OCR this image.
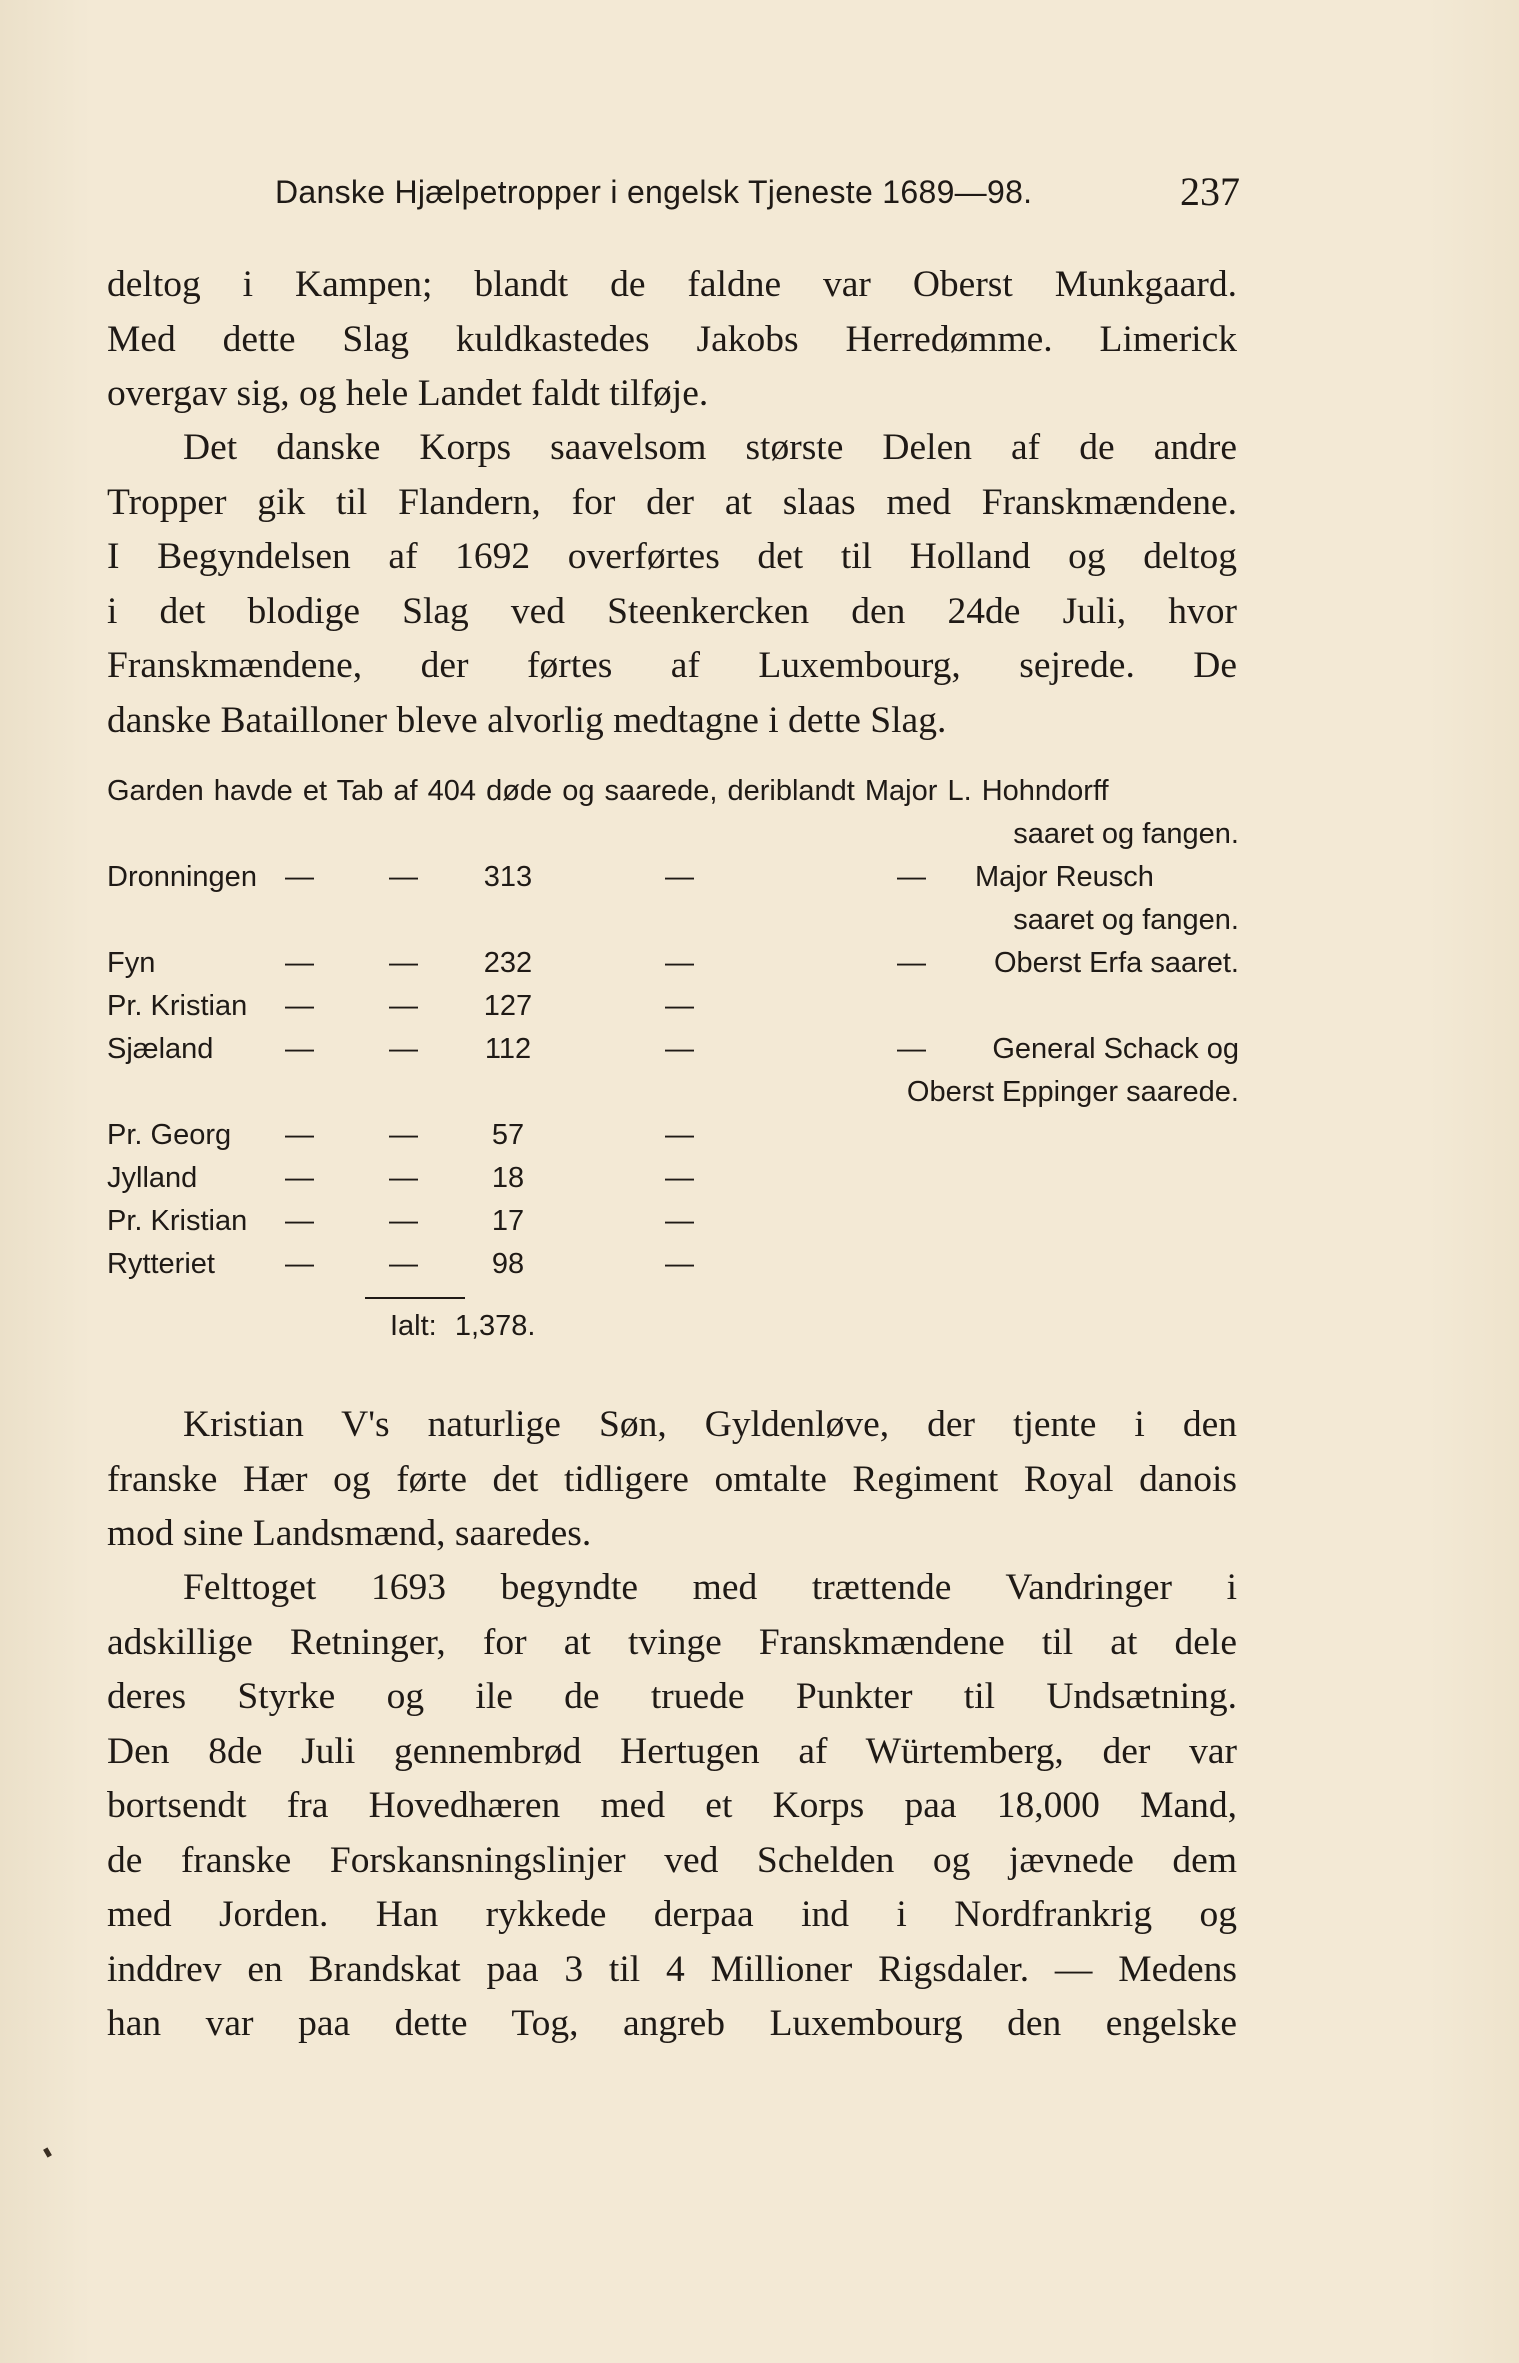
Danske Hjælpetropper i engelsk Tjeneste 1689—98.	237
deltog i Kampen; blandt de faldne var Oberst Munkgaard.
Med dette Slag kuldkastedes Jakobs Herredømme. Limerick
overgav sig, og hele Landet faldt tilføje.
Det danske Korps saavelsom største Delen af de andre
Tropper gik til Flandern, for der at slaas med Franskmændene.
I Begyndelsen af 1692 overførtes det til Holland og deltog
i det blodige Slag ved Steenkercken den 24de Juli, hvor
Franskmændene, der førtes af Luxembourg, sejrede. De
danske Batailloner bleve alvorlig medtagne i dette Slag.
Garden havde et Tab af 404 døde og saarede, deriblandt Major L. Hohndorff
saaret og fangen.
Dronningen —	—	313	—	— Major Reusch
saaret og fangen.
Fyn	—	—	232	—	— Oberst Erfa saaret.
Pr. Kristian —	—	127	—
Sjæland —	—	112	—	— General Schack og
Oberst Eppinger saarede.
Pr. Georg —	—	57	—
Jylland	—	—	18	—
Pr. Kristian —	—	17	—
Rytteriet —	—	98	—
Ialt: 1,378.
Kristian V's naturlige Søn, Gyldenløve, der tjente i den
franske Hær og førte det tidligere omtalte Regiment Royal danois
mod sine Landsmænd, saaredes.
Felttoget 1693 begyndte med trættende Vandringer i
adskillige Retninger, for at tvinge Franskmændene til at dele
deres Styrke og ile de truede Punkter til Undsætning.
Den 8de Juli gennembrød Hertugen af Würtemberg, der var
bortsendt fra Hovedhæren med et Korps paa 18,000 Mand,
de franske Forskansningslinjer ved Schelden og jævnede dem
med Jorden. Han rykkede derpaa ind i Nordfrankrig og
inddrev en Brandskat paa 3 til 4 Millioner Rigsdaler. — Medens
han var paa dette Tog, angreb Luxembourg den engelske
